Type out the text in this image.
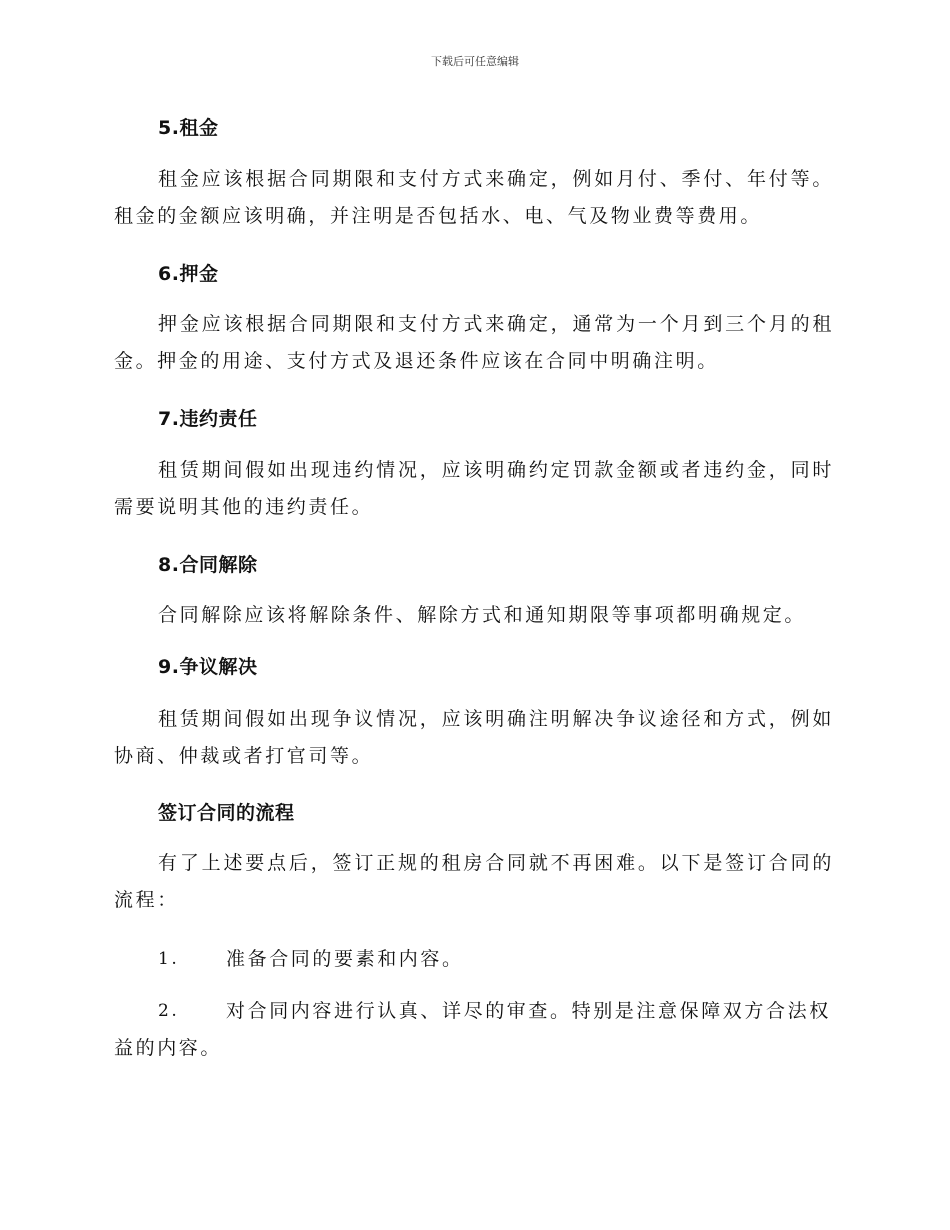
下载后可任意编辑
5.租金
租金应该根据合同期限和支付方式来确定，例如月付、季付、年付等。租金的金额应该明确，并注明是否包括水、电、气及物业费等费用。
6.押金
押金应该根据合同期限和支付方式来确定，通常为一个月到三个月的租金。押金的用途、支付方式及退还条件应该在合同中明确注明。
7.违约责任
租赁期间假如出现违约情况，应该明确约定罚款金额或者违约金，同时需要说明其他的违约责任。
8.合同解除
合同解除应该将解除条件、解除方式和通知期限等事项都明确规定。
9.争议解决
租赁期间假如出现争议情况，应该明确注明解决争议途径和方式，例如协商、仲裁或者打官司等。
签订合同的流程
有了上述要点后，签订正规的租房合同就不再困难。以下是签订合同的流程：
1.	准备合同的要素和内容。
2.	对合同内容进行认真、详尽的审查。特别是注意保障双方合法权
益的内容。
